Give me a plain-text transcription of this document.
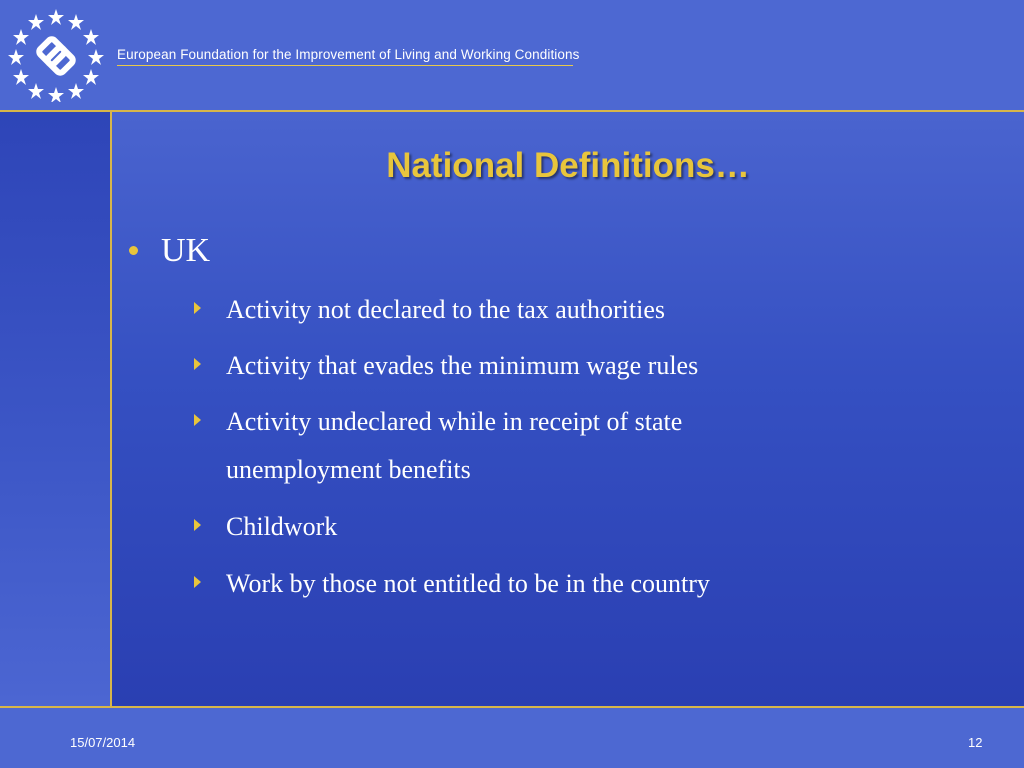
European Foundation for the Improvement of Living and Working Conditions
National Definitions…
UK
Activity not declared to the tax authorities
Activity that evades the minimum wage rules
Activity undeclared while in receipt of state unemployment benefits
Childwork
Work by those not entitled to be in the country
15/07/2014	12
